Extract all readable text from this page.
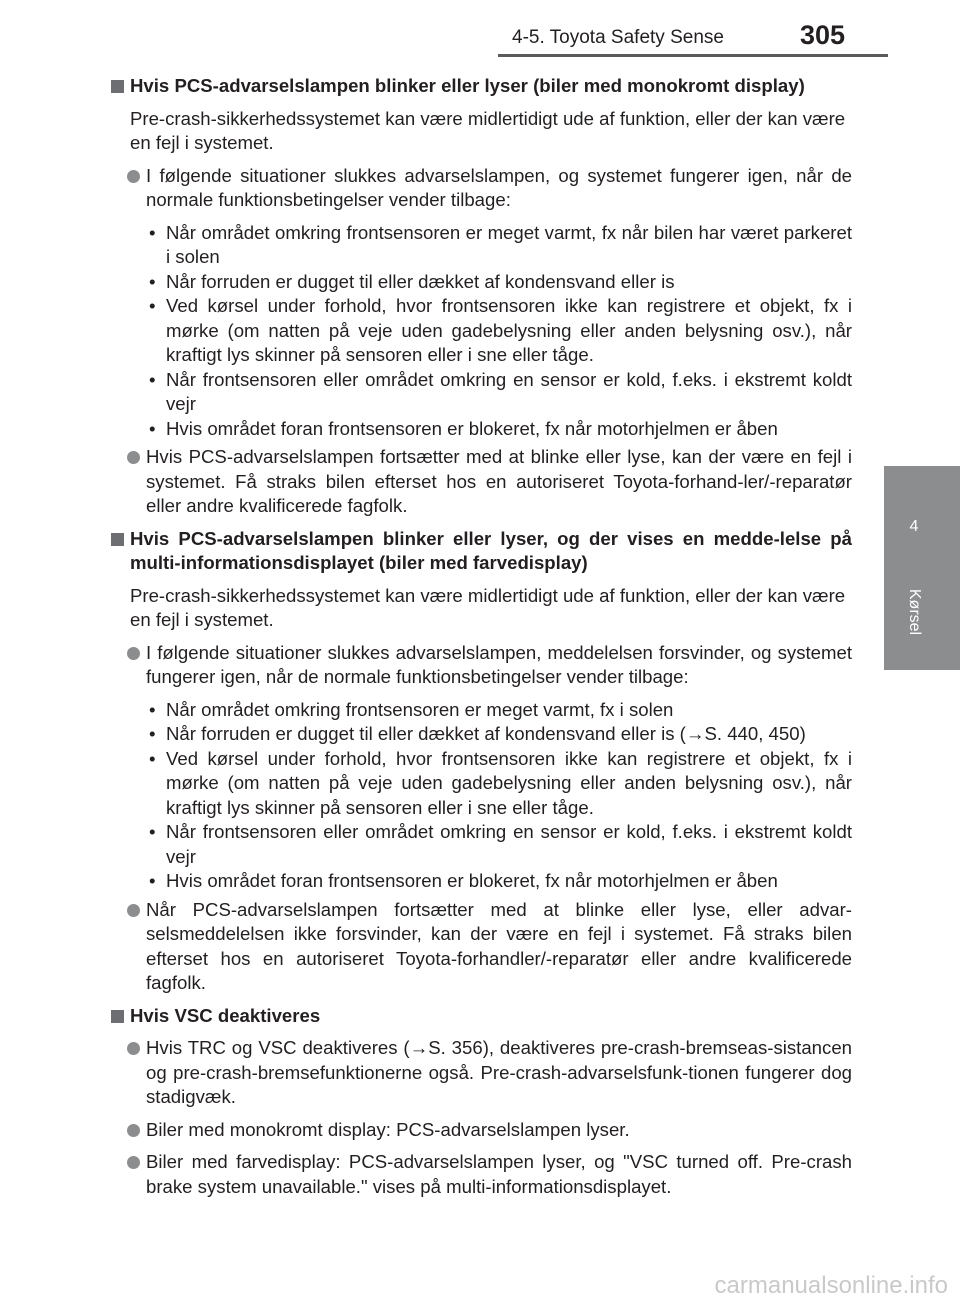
4-5. Toyota Safety Sense	305
4
Kørsel
Hvis PCS-advarselslampen blinker eller lyser (biler med monokromt display)
Pre-crash-sikkerhedssystemet kan være midlertidigt ude af funktion, eller der kan være en fejl i systemet.
I følgende situationer slukkes advarselslampen, og systemet fungerer igen, når de normale funktionsbetingelser vender tilbage:
• Når området omkring frontsensoren er meget varmt, fx når bilen har været parkeret i solen
• Når forruden er dugget til eller dækket af kondensvand eller is
• Ved kørsel under forhold, hvor frontsensoren ikke kan registrere et objekt, fx i mørke (om natten på veje uden gadebelysning eller anden belysning osv.), når kraftigt lys skinner på sensoren eller i sne eller tåge.
• Når frontsensoren eller området omkring en sensor er kold, f.eks. i ekstremt koldt vejr
• Hvis området foran frontsensoren er blokeret, fx når motorhjelmen er åben
Hvis PCS-advarselslampen fortsætter med at blinke eller lyse, kan der være en fejl i systemet. Få straks bilen efterset hos en autoriseret Toyota-forhand-ler/-reparatør eller andre kvalificerede fagfolk.
Hvis PCS-advarselslampen blinker eller lyser, og der vises en medde-lelse på multi-informationsdisplayet (biler med farvedisplay)
Pre-crash-sikkerhedssystemet kan være midlertidigt ude af funktion, eller der kan være en fejl i systemet.
I følgende situationer slukkes advarselslampen, meddelelsen forsvinder, og systemet fungerer igen, når de normale funktionsbetingelser vender tilbage:
• Når området omkring frontsensoren er meget varmt, fx i solen
• Når forruden er dugget til eller dækket af kondensvand eller is (→S. 440, 450)
• Ved kørsel under forhold, hvor frontsensoren ikke kan registrere et objekt, fx i mørke (om natten på veje uden gadebelysning eller anden belysning osv.), når kraftigt lys skinner på sensoren eller i sne eller tåge.
• Når frontsensoren eller området omkring en sensor er kold, f.eks. i ekstremt koldt vejr
• Hvis området foran frontsensoren er blokeret, fx når motorhjelmen er åben
Når PCS-advarselslampen fortsætter med at blinke eller lyse, eller advar-selsmeddelelsen ikke forsvinder, kan der være en fejl i systemet. Få straks bilen efterset hos en autoriseret Toyota-forhandler/-reparatør eller andre kvalificerede fagfolk.
Hvis VSC deaktiveres
Hvis TRC og VSC deaktiveres (→S. 356), deaktiveres pre-crash-bremseas-sistancen og pre-crash-bremsefunktionerne også. Pre-crash-advarselsfunk-tionen fungerer dog stadigvæk.
Biler med monokromt display: PCS-advarselslampen lyser.
Biler med farvedisplay: PCS-advarselslampen lyser, og "VSC turned off. Pre-crash brake system unavailable." vises på multi-informationsdisplayet.
carmanualsonline.info
